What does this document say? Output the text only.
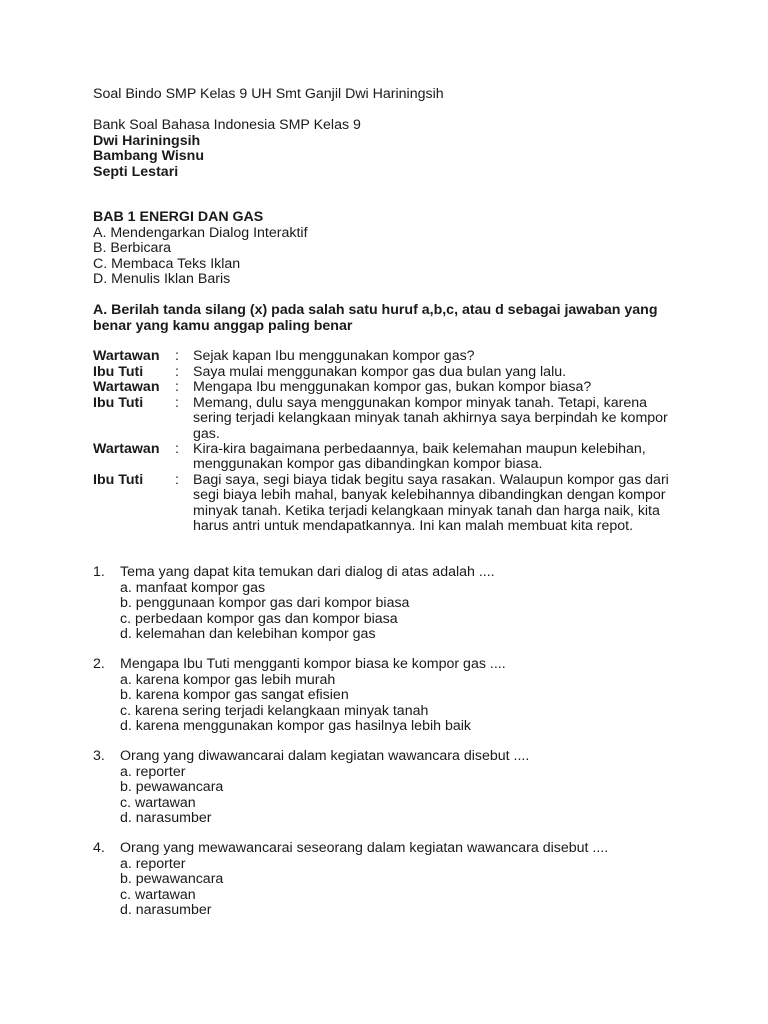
Soal Bindo SMP Kelas 9 UH Smt Ganjil Dwi Hariningsih
Bank Soal Bahasa Indonesia SMP Kelas 9
Dwi Hariningsih
Bambang Wisnu
Septi Lestari
BAB 1 ENERGI DAN GAS
A. Mendengarkan Dialog Interaktif
B. Berbicara
C. Membaca Teks Iklan
D. Menulis Iklan Baris
A. Berilah tanda silang (x) pada salah satu huruf a,b,c, atau d sebagai jawaban yang
benar yang kamu anggap paling benar
Wartawan : Sejak kapan Ibu menggunakan kompor gas?
Ibu Tuti : Saya mulai menggunakan kompor gas dua bulan yang lalu.
Wartawan : Mengapa Ibu menggunakan kompor gas, bukan kompor biasa?
Ibu Tuti : Memang, dulu saya menggunakan kompor minyak tanah. Tetapi, karena
sering terjadi kelangkaan minyak tanah akhirnya saya berpindah ke kompor
gas.
Wartawan : Kira-kira bagaimana perbedaannya, baik kelemahan maupun kelebihan,
menggunakan kompor gas dibandingkan kompor biasa.
Ibu Tuti : Bagi saya, segi biaya tidak begitu saya rasakan. Walaupun kompor gas dari
segi biaya lebih mahal, banyak kelebihannya dibandingkan dengan kompor
minyak tanah. Ketika terjadi kelangkaan minyak tanah dan harga naik, kita
harus antri untuk mendapatkannya. Ini kan malah membuat kita repot.
1. Tema yang dapat kita temukan dari dialog di atas adalah ....
a. manfaat kompor gas
b. penggunaan kompor gas dari kompor biasa
c. perbedaan kompor gas dan kompor biasa
d. kelemahan dan kelebihan kompor gas
2. Mengapa Ibu Tuti mengganti kompor biasa ke kompor gas ....
a. karena kompor gas lebih murah
b. karena kompor gas sangat efisien
c. karena sering terjadi kelangkaan minyak tanah
d. karena menggunakan kompor gas hasilnya lebih baik
3. Orang yang diwawancarai dalam kegiatan wawancara disebut ....
a. reporter
b. pewawancara
c. wartawan
d. narasumber
4. Orang yang mewawancarai seseorang dalam kegiatan wawancara disebut ....
a. reporter
b. pewawancara
c. wartawan
d. narasumber
